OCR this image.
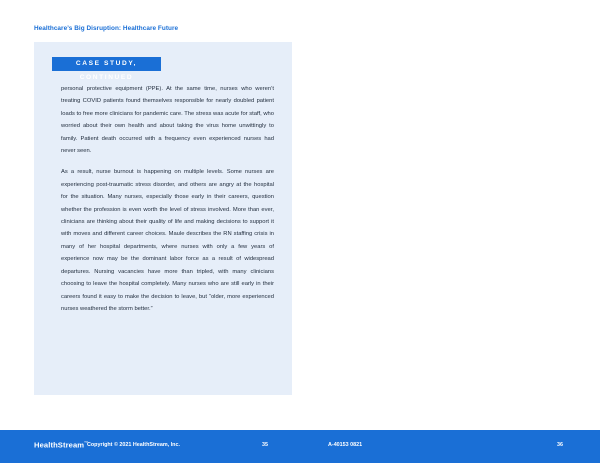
Healthcare’s Big Disruption: Healthcare Future
CASE STUDY, CONTINUED

personal protective equipment (PPE). At the same time, nurses who weren’t treating COVID patients found themselves responsible for nearly doubled patient loads to free more clinicians for pandemic care. The stress was acute for staff, who worried about their own health and about taking the virus home unwittingly to family. Patient death occurred with a frequency even experienced nurses had never seen.

As a result, nurse burnout is happening on multiple levels. Some nurses are experiencing post-traumatic stress disorder, and others are angry at the hospital for the situation. Many nurses, especially those early in their careers, question whether the profession is even worth the level of stress involved. More than ever, clinicians are thinking about their quality of life and making decisions to support it with moves and different career choices. Maule describes the RN staffing crisis in many of her hospital departments, where nurses with only a few years of experience now may be the dominant labor force as a result of widespread departures. Nursing vacancies have more than tripled, with many clinicians choosing to leave the hospital completely. Many nurses who are still early in their careers found it easy to make the decision to leave, but “older, more experienced nurses weathered the storm better.”

HealthStream™
Copyright © 2021 HealthStream, Inc.	35	A-40153 0821	36
